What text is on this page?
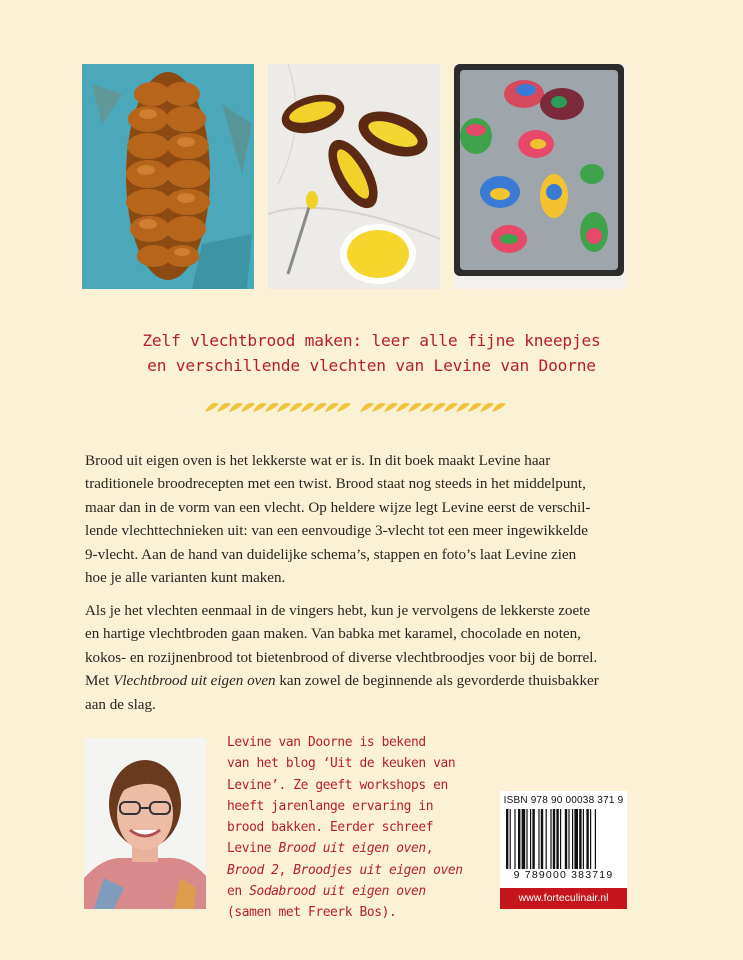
Zelf vlechtbrood maken: leer alle fijne kneepjes
en verschillende vlechten van Levine van Doorne
Brood uit eigen oven is het lekkerste wat er is. In dit boek maakt Levine haar
traditionele broodrecepten met een twist. Brood staat nog steeds in het middelpunt,
maar dan in de vorm van een vlecht. Op heldere wijze legt Levine eerst de verschil-
lende vlechttechnieken uit: van een eenvoudige 3-vlecht tot een meer ingewikkelde
9-vlecht. Aan de hand van duidelijke schema’s, stappen en foto’s laat Levine zien
hoe je alle varianten kunt maken.
Als je het vlechten eenmaal in de vingers hebt, kun je vervolgens de lekkerste zoete
en hartige vlechtbroden gaan maken. Van babka met karamel, chocolade en noten,
kokos- en rozijnenbrood tot bietenbrood of diverse vlechtbroodjes voor bij de borrel.
Met Vlechtbrood uit eigen oven kan zowel de beginnende als gevorderde thuisbakker
aan de slag.
Levine van Doorne is bekend
van het blog ‘Uit de keuken van
Levine’. Ze geeft workshops en
heeft jarenlange ervaring in
brood bakken. Eerder schreef
Levine Brood uit eigen oven,
Brood 2, Broodjes uit eigen oven
en Sodabrood uit eigen oven
(samen met Freerk Bos).
ISBN 978 90 00038 371 9
9 789000 383719
www.forteculinair.nl
